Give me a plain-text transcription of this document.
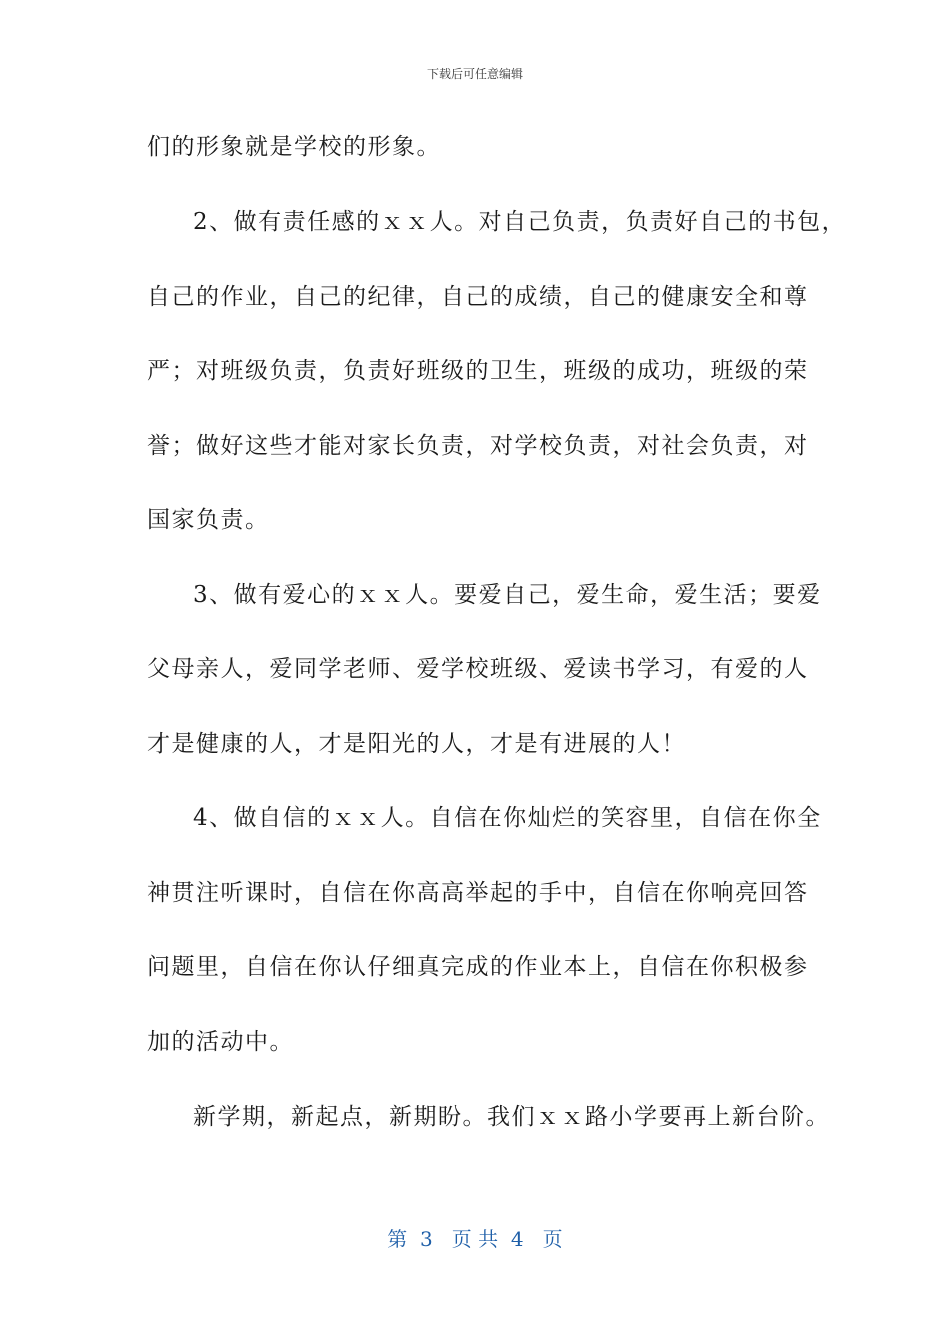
下载后可任意编辑
们的形象就是学校的形象。
2、做有责任感的ｘｘ人。对自己负责，负责好自己的书包，
自己的作业，自己的纪律，自己的成绩，自己的健康安全和尊
严；对班级负责，负责好班级的卫生，班级的成功，班级的荣
誉；做好这些才能对家长负责，对学校负责，对社会负责，对
国家负责。
3、做有爱心的ｘｘ人。要爱自己，爱生命，爱生活；要爱
父母亲人，爱同学老师、爱学校班级、爱读书学习，有爱的人
才是健康的人，才是阳光的人，才是有进展的人！
4、做自信的ｘｘ人。自信在你灿烂的笑容里，自信在你全
神贯注听课时，自信在你高高举起的手中，自信在你响亮回答
问题里，自信在你认仔细真完成的作业本上，自信在你积极参
加的活动中。
新学期，新起点，新期盼。我们ｘｘ路小学要再上新台阶。
第  3   页 共  4   页
